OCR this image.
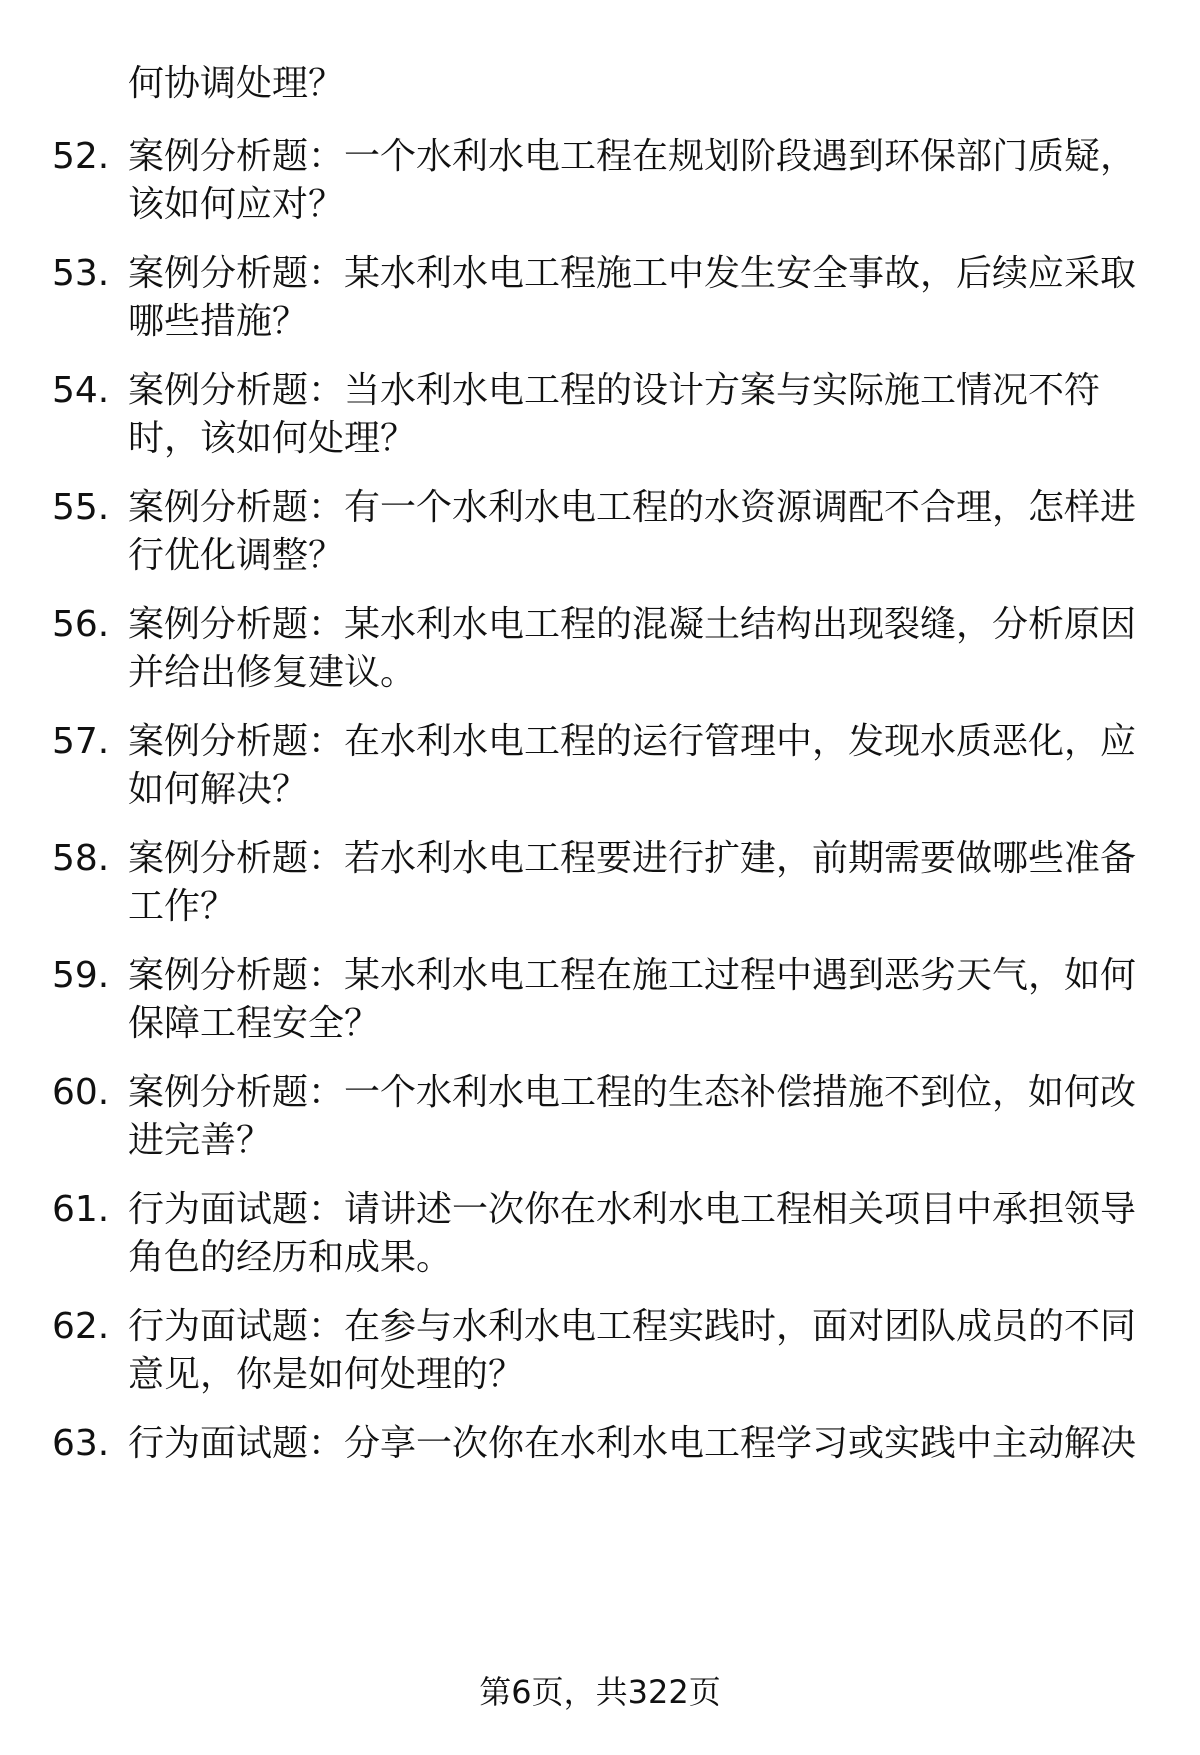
何协调处理？
52. 案例分析题：一个水利水电工程在规划阶段遇到环保部门质疑，该如何应对？
53. 案例分析题：某水利水电工程施工中发生安全事故，后续应采取哪些措施？
54. 案例分析题：当水利水电工程的设计方案与实际施工情况不符时，该如何处理？
55. 案例分析题：有一个水利水电工程的水资源调配不合理，怎样进行优化调整？
56. 案例分析题：某水利水电工程的混凝土结构出现裂缝，分析原因并给出修复建议。
57. 案例分析题：在水利水电工程的运行管理中，发现水质恶化，应如何解决？
58. 案例分析题：若水利水电工程要进行扩建，前期需要做哪些准备工作？
59. 案例分析题：某水利水电工程在施工过程中遇到恶劣天气，如何保障工程安全？
60. 案例分析题：一个水利水电工程的生态补偿措施不到位，如何改进完善？
61. 行为面试题：请讲述一次你在水利水电工程相关项目中承担领导角色的经历和成果。
62. 行为面试题：在参与水利水电工程实践时，面对团队成员的不同意见，你是如何处理的？
63. 行为面试题：分享一次你在水利水电工程学习或实践中主动解决
第6页，共322页
